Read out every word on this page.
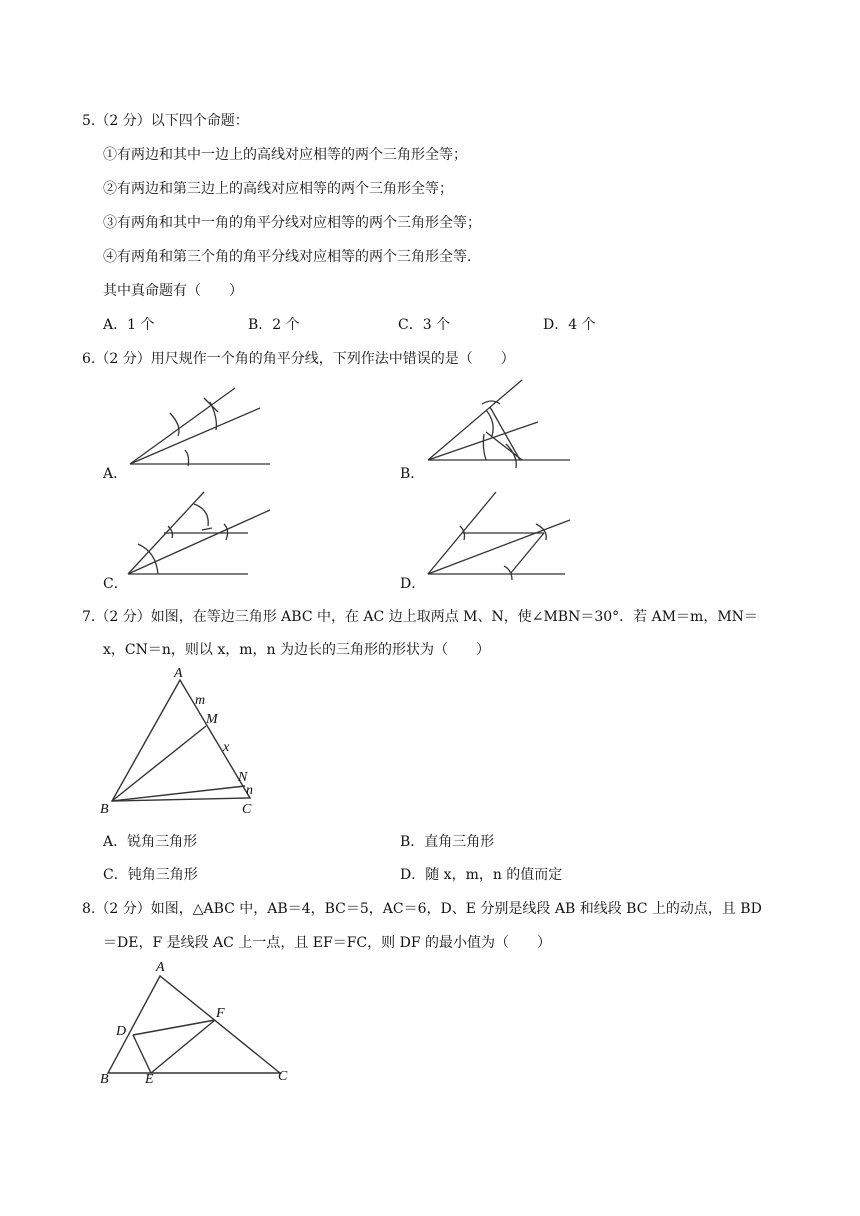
5.（2 分）以下四个命题：
①有两边和其中一边上的高线对应相等的两个三角形全等；
②有两边和第三边上的高线对应相等的两个三角形全等；
③有两角和其中一角的角平分线对应相等的两个三角形全等；
④有两角和第三个角的角平分线对应相等的两个三角形全等.
其中真命题有（　　）
A．1 个	B．2 个	C．3 个	D．4 个
6.（2 分）用尺规作一个角的角平分线，下列作法中错误的是（　　）
A．	B．
C．	D．
7.（2 分）如图，在等边三角形 ABC 中，在 AC 边上取两点 M、N，使∠MBN＝30°．若 AM＝m，MN＝
x，CN＝n，则以 x，m，n 为边长的三角形的形状为（　　）
A
m
M
x
N
n
B	C
A．锐角三角形	B．直角三角形
C．钝角三角形	D．随 x，m，n 的值而定
8.（2 分）如图，△ABC 中，AB＝4，BC＝5，AC＝6，D、E 分别是线段 AB 和线段 BC 上的动点，且 BD
＝DE，F 是线段 AC 上一点，且 EF＝FC，则 DF 的最小值为（　　）
A
D
F
B	E	C
